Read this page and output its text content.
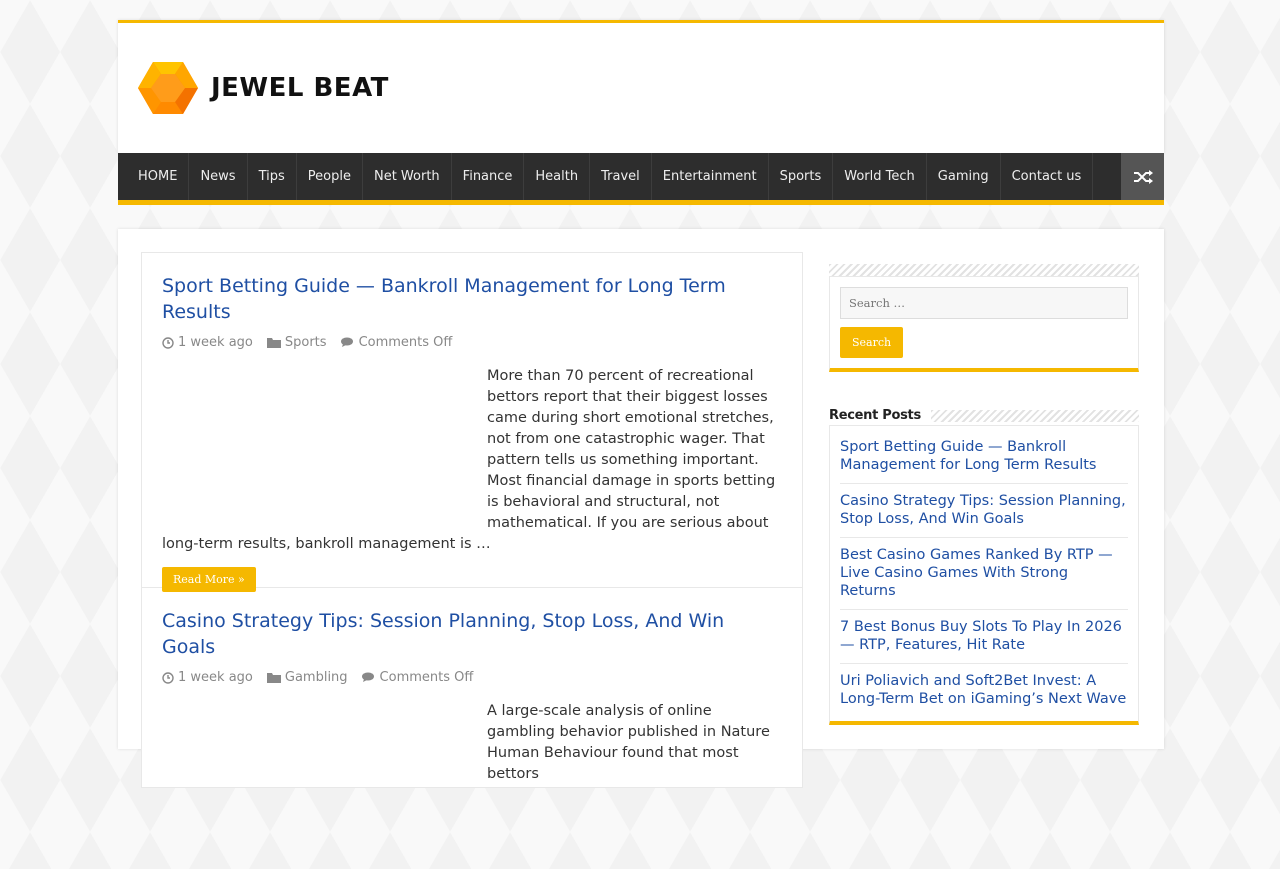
JEWEL BEAT
HOME	News	Tips	People	Net Worth	Finance	Health	Travel	Entertainment	Sports	World Tech	Gaming	Contact us
Sport Betting Guide — Bankroll Management for Long Term Results
1 week ago Sports Comments Off
More than 70 percent of recreational bettors report that their biggest losses came during short emotional stretches, not from one catastrophic wager. That pattern tells us something important. Most financial damage in sports betting is behavioral and structural, not mathematical. If you are serious about long-term results, bankroll management is …
Read More »
Casino Strategy Tips: Session Planning, Stop Loss, And Win Goals
1 week ago Gambling Comments Off
A large-scale analysis of online gambling behavior published in Nature Human Behaviour found that most bettors
Search … Search
Recent Posts
Sport Betting Guide — Bankroll Management for Long Term Results
Casino Strategy Tips: Session Planning, Stop Loss, And Win Goals
Best Casino Games Ranked By RTP — Live Casino Games With Strong Returns
7 Best Bonus Buy Slots To Play In 2026 — RTP, Features, Hit Rate
Uri Poliavich and Soft2Bet Invest: A Long-Term Bet on iGaming’s Next Wave
